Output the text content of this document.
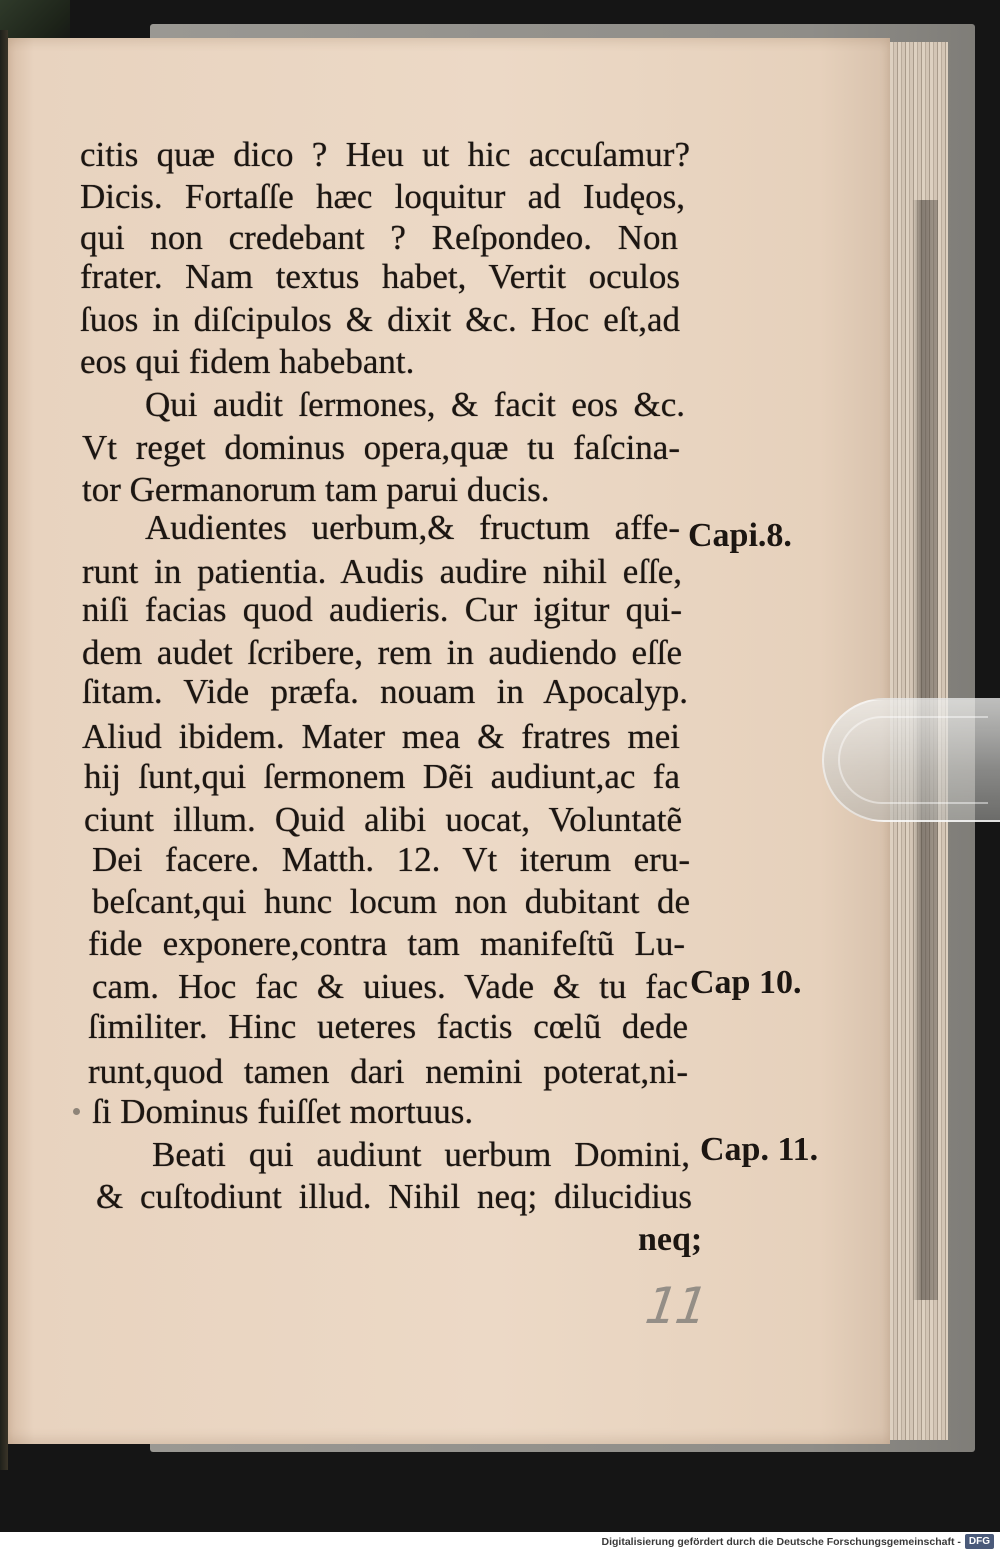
citis quæ dico ? Heu ut hic accuſamur?
Dicis. Fortaſſe hæc loquitur ad Iudęos,
qui non credebant ? Reſpondeo. Non
frater. Nam textus habet, Vertit oculos
ſuos in diſcipulos & dixit &c. Hoc eſt,ad
eos qui fidem habebant.
Qui audit ſermones, & facit eos &c.
Vt reget dominus opera,quæ tu faſcina-
tor Germanorum tam parui ducis.
Audientes uerbum,& fructum affe-
runt in patientia. Audis audire nihil eſſe,
niſi facias quod audieris. Cur igitur qui-
dem audet ſcribere, rem in audiendo eſſe
ſitam. Vide præfa. nouam in Apocalyp.
Aliud ibidem. Mater mea & fratres mei
hij ſunt,qui ſermonem Dẽi audiunt,ac fa
ciunt illum. Quid alibi uocat, Voluntatẽ
Dei facere. Matth. 12. Vt iterum eru-
beſcant,qui hunc locum non dubitant de
fide exponere,contra tam manifeſtũ Lu-
cam. Hoc fac & uiues. Vade & tu fac
ſimiliter. Hinc ueteres factis cœlũ dede
runt,quod tamen dari nemini poterat,ni-
ſi Dominus fuiſſet mortuus.
Beati qui audiunt uerbum Domini,
& cuſtodiunt illud. Nihil neq; dilucidius
neq;
Capi.8.
Cap 10.
Cap. 11.
11
Digitalisierung gefördert durch die Deutsche Forschungsgemeinschaft - DFG
